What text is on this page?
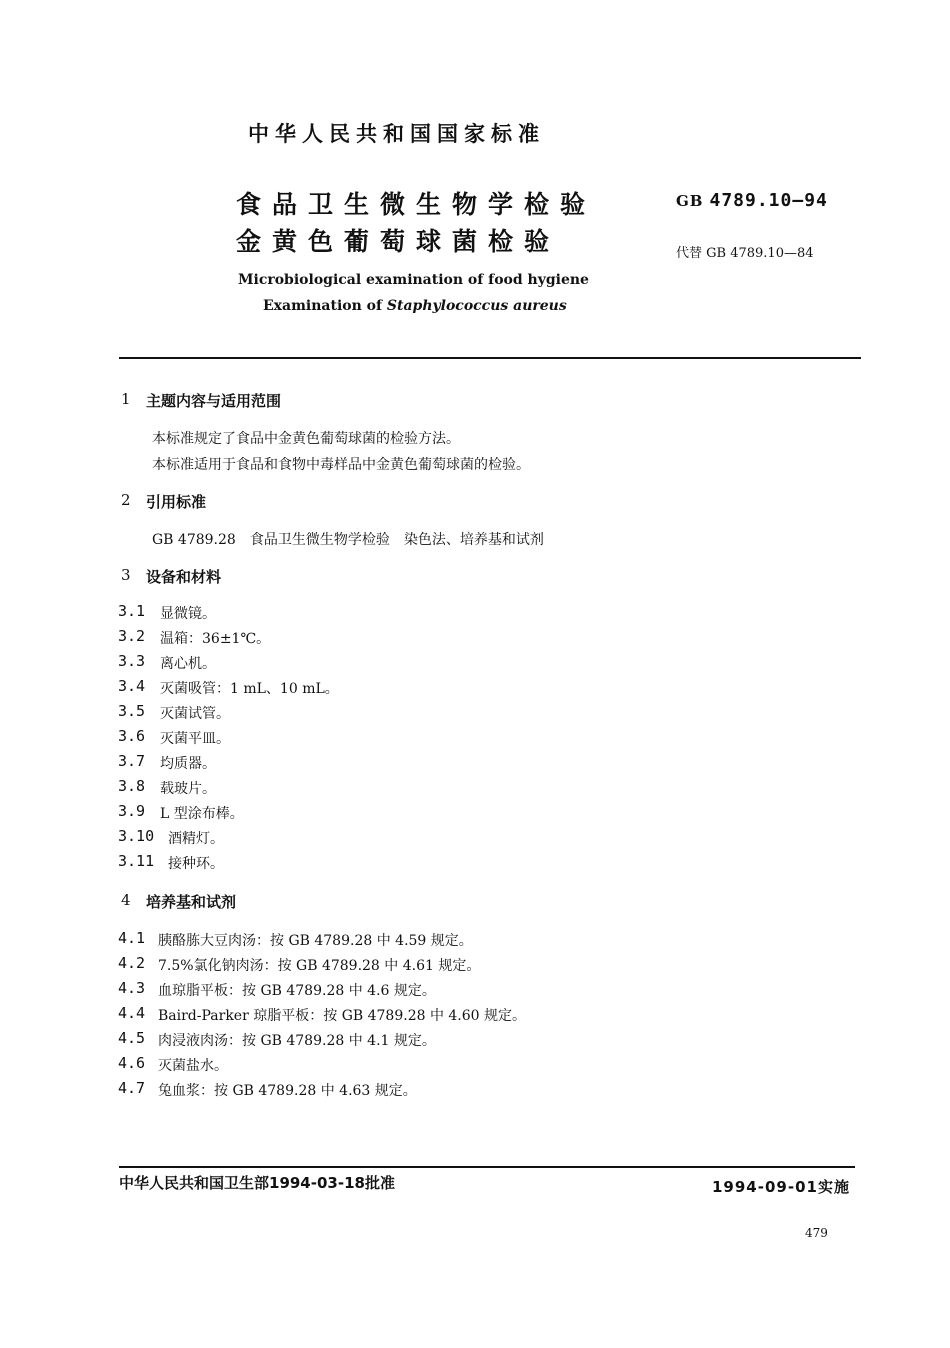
中华人民共和国国家标准
食品卫生微生物学检验
金黄色葡萄球菌检验
GB 4789.10—94
代替 GB 4789.10—84
Microbiological examination of food hygiene
Examination of Staphylococcus aureus
1 主题内容与适用范围
本标准规定了食品中金黄色葡萄球菌的检验方法。
本标准适用于食品和食物中毒样品中金黄色葡萄球菌的检验。
2 引用标准
GB 4789.28　食品卫生微生物学检验　染色法、培养基和试剂
3 设备和材料
3.1 显微镜。
3.2 温箱：36±1℃。
3.3 离心机。
3.4 灭菌吸管：1 mL、10 mL。
3.5 灭菌试管。
3.6 灭菌平皿。
3.7 均质器。
3.8 载玻片。
3.9 L 型涂布棒。
3.10 酒精灯。
3.11 接种环。
4 培养基和试剂
4.1 胰酪胨大豆肉汤：按 GB 4789.28 中 4.59 规定。
4.2 7.5%氯化钠肉汤：按 GB 4789.28 中 4.61 规定。
4.3 血琼脂平板：按 GB 4789.28 中 4.6 规定。
4.4 Baird-Parker 琼脂平板：按 GB 4789.28 中 4.60 规定。
4.5 肉浸液肉汤：按 GB 4789.28 中 4.1 规定。
4.6 灭菌盐水。
4.7 兔血浆：按 GB 4789.28 中 4.63 规定。
中华人民共和国卫生部1994-03-18批准	1994-09-01实施
479
